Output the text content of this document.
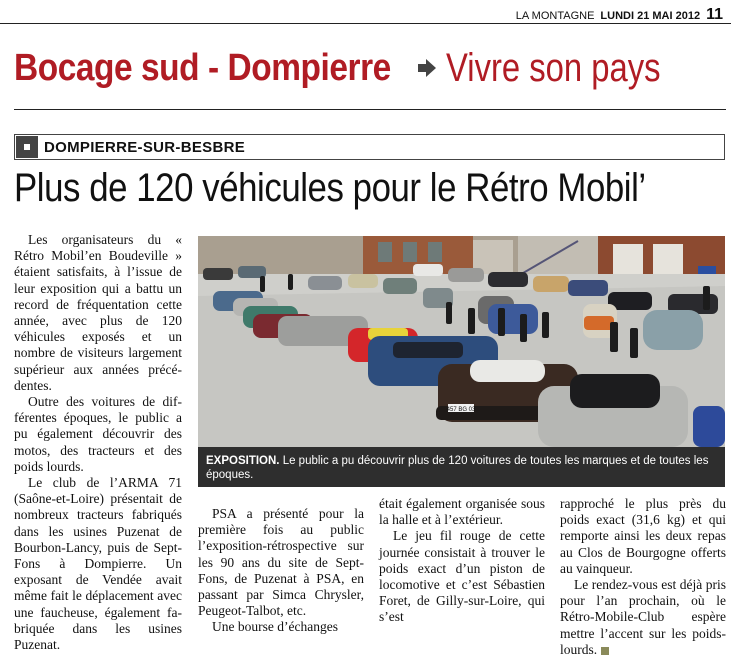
LA MONTAGNE LUNDI 21 MAI 2012 11
Bocage sud - Dompierre Vivre son pays
DOMPIERRE-SUR-BESBRE
Plus de 120 véhicules pour le Rétro Mobil’

Les organisateurs du « Rétro Mobil’en Boudeville » étaient satisfaits, à l’issue de leur exposition qui a battu un record de fréquentation cette année, avec plus de 120 véhicules exposés et un nombre de visiteurs largement supérieur aux années précédentes.

Outre des voitures de différentes époques, le public a pu également découvrir des motos, des tracteurs et des poids lourds.

Le club de l’ARMA 71 (Saône-et-Loire) présentait de nombreux tracteurs fabriqués dans les usines Puzenat de Bourbon-Lancy, puis de Sept-Fons à Dompierre. Un exposant de Vendée avait même fait le déplacement avec une faucheuse, également fabriquée dans les usines Puzenat.

457 BG 03
EXPOSITION. Le public a pu découvrir plus de 120 voitures de toutes les marques et de toutes les époques.

PSA a présenté pour la première fois au public l’exposition-rétrospective sur les 90 ans du site de Sept-Fons, de Puzenat à PSA, en passant par Simca Chrysler, Peugeot-Talbot, etc.

Une bourse d’échanges

était également organisée sous la halle et à l’extérieur.

Le jeu fil rouge de cette journée consistait à trouver le poids exact d’un piston de locomotive et c’est Sébastien Foret, de Gilly-sur-Loire, qui s’est

rapproché le plus près du poids exact (31,6 kg) et qui remporte ainsi les deux repas au Clos de Bourgogne offerts au vainqueur.

Le rendez-vous est déjà pris pour l’an prochain, où le Rétro-Mobile-Club espère mettre l’accent sur les poids-lourds.
